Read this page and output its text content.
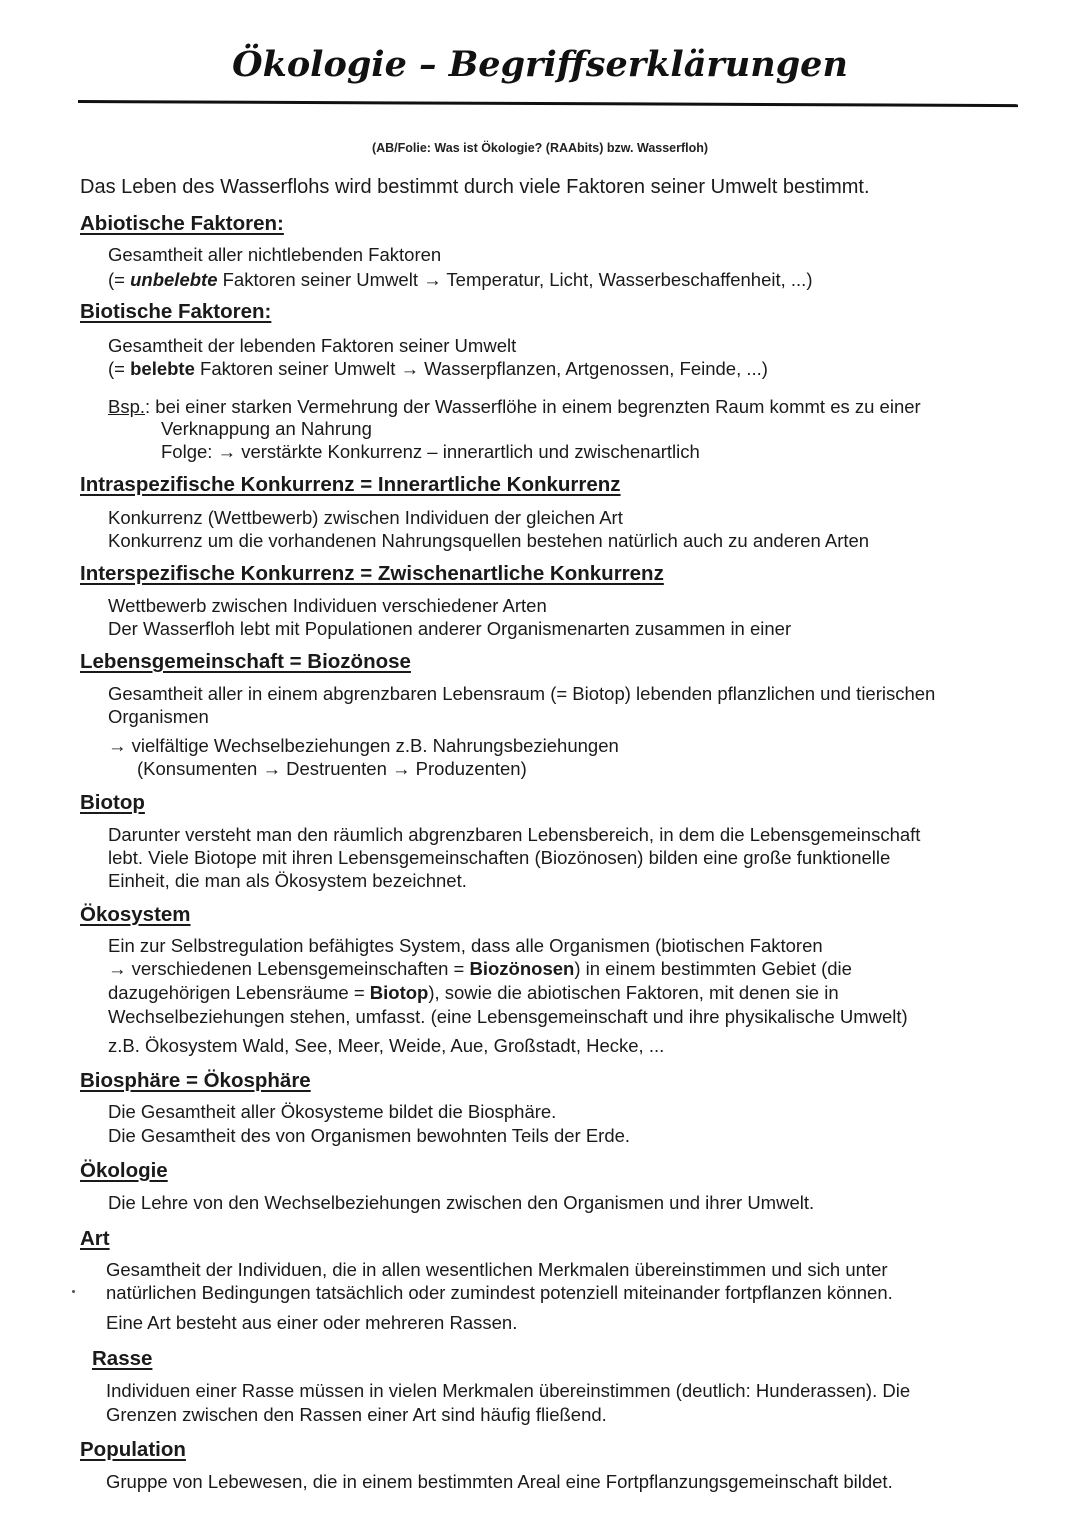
Ökologie – Begriffserklärungen
(AB/Folie: Was ist Ökologie? (RAAbits) bzw. Wasserfloh)
Das Leben des Wasserflohs wird bestimmt durch viele Faktoren seiner Umwelt bestimmt.
Abiotische Faktoren:
Gesamtheit aller nichtlebenden Faktoren
(= unbelebte Faktoren seiner Umwelt → Temperatur, Licht, Wasserbeschaffenheit, ...)
Biotische Faktoren:
Gesamtheit der lebenden Faktoren seiner Umwelt
(= belebte Faktoren seiner Umwelt → Wasserpflanzen, Artgenossen, Feinde, ...)
Bsp.: bei einer starken Vermehrung der Wasserflöhe in einem begrenzten Raum kommt es zu einer
Verknappung an Nahrung
Folge: → verstärkte Konkurrenz – innerartlich und zwischenartlich
Intraspezifische Konkurrenz = Innerartliche Konkurrenz
Konkurrenz (Wettbewerb) zwischen Individuen der gleichen Art
Konkurrenz um die vorhandenen Nahrungsquellen bestehen natürlich auch zu anderen Arten
Interspezifische Konkurrenz = Zwischenartliche Konkurrenz
Wettbewerb zwischen Individuen verschiedener Arten
Der Wasserfloh lebt mit Populationen anderer Organismenarten zusammen in einer
Lebensgemeinschaft = Biozönose
Gesamtheit aller in einem abgrenzbaren Lebensraum (= Biotop) lebenden pflanzlichen und tierischen
Organismen
→ vielfältige Wechselbeziehungen z.B. Nahrungsbeziehungen
(Konsumenten → Destruenten → Produzenten)
Biotop
Darunter versteht man den räumlich abgrenzbaren Lebensbereich, in dem die Lebensgemeinschaft
lebt. Viele Biotope mit ihren Lebensgemeinschaften (Biozönosen) bilden eine große funktionelle
Einheit, die man als Ökosystem bezeichnet.
Ökosystem
Ein zur Selbstregulation befähigtes System, dass alle Organismen (biotischen Faktoren
→ verschiedenen Lebensgemeinschaften = Biozönosen) in einem bestimmten Gebiet (die
dazugehörigen Lebensräume = Biotop), sowie die abiotischen Faktoren, mit denen sie in
Wechselbeziehungen stehen, umfasst. (eine Lebensgemeinschaft und ihre physikalische Umwelt)
z.B. Ökosystem Wald, See, Meer, Weide, Aue, Großstadt, Hecke, ...
Biosphäre = Ökosphäre
Die Gesamtheit aller Ökosysteme bildet die Biosphäre.
Die Gesamtheit des von Organismen bewohnten Teils der Erde.
Ökologie
Die Lehre von den Wechselbeziehungen zwischen den Organismen und ihrer Umwelt.
Art
Gesamtheit der Individuen, die in allen wesentlichen Merkmalen übereinstimmen und sich unter
natürlichen Bedingungen tatsächlich oder zumindest potenziell miteinander fortpflanzen können.
Eine Art besteht aus einer oder mehreren Rassen.
Rasse
Individuen einer Rasse müssen in vielen Merkmalen übereinstimmen (deutlich: Hunderassen). Die
Grenzen zwischen den Rassen einer Art sind häufig fließend.
Population
Gruppe von Lebewesen, die in einem bestimmten Areal eine Fortpflanzungsgemeinschaft bildet.
